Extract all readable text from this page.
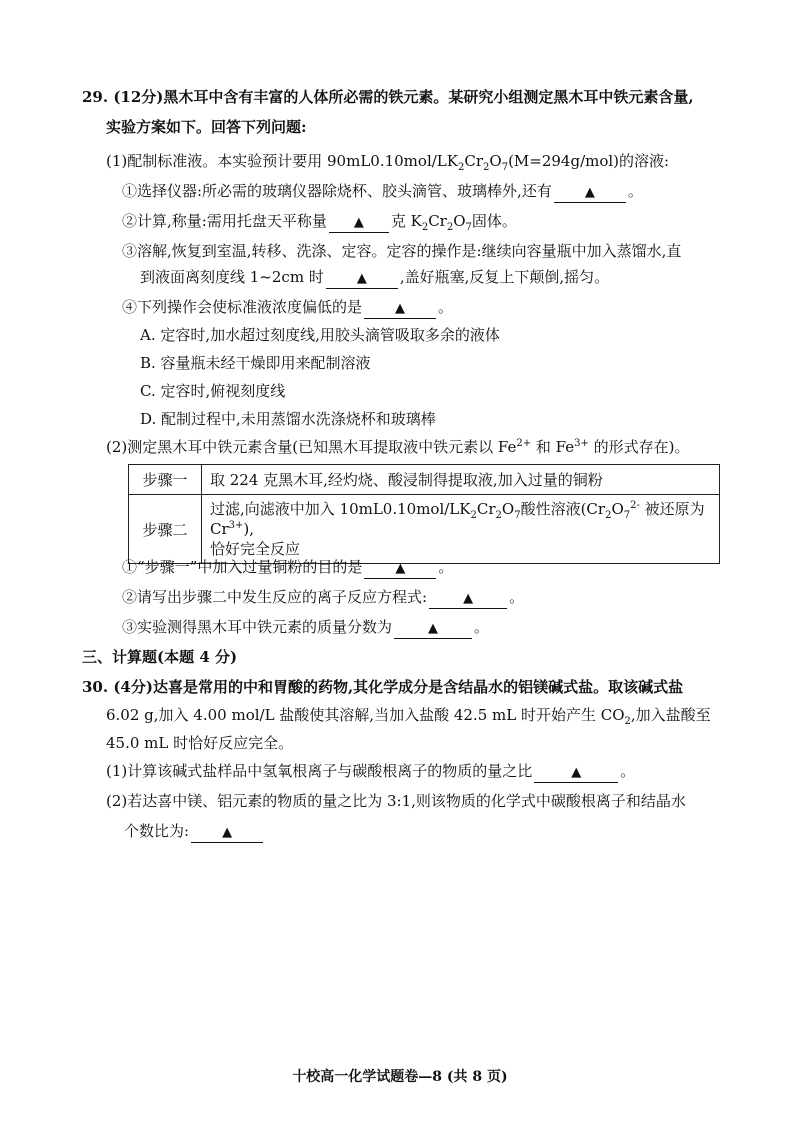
29. (12分)黑木耳中含有丰富的人体所必需的铁元素。某研究小组测定黑木耳中铁元素含量,
实验方案如下。回答下列问题:
(1)配制标准液。本实验预计要用 $90mL0.10mol/LK_2Cr_2O_7(M=294g/mol)$的溶液:
①选择仪器:所必需的玻璃仪器除烧杯、胶头滴管、玻璃棒外,还有	▲ 。
②计算,称量:需用托盘天平称量 ▲ 克 $K_2Cr_2O_7$固体。
③溶解,恢复到室温,转移、洗涤、定容。定容的操作是:继续向容量瓶中加入蒸馏水,直
到液面离刻度线 1~2cm 时	▲ ,盖好瓶塞,反复上下颠倒,摇匀。
④下列操作会使标准液浓度偏低的是	▲ 。
A. 定容时,加水超过刻度线,用胶头滴管吸取多余的液体
B. 容量瓶未经干燥即用来配制溶液
C. 定容时,俯视刻度线
D. 配制过程中,未用蒸馏水洗涤烧杯和玻璃棒
(2)测定黑木耳中铁元素含量(已知黑木耳提取液中铁元素以 $Fe^{2+}$ 和 $Fe^{3+}$ 的形式存在)。
步骤一	取 224 克黑木耳,经灼烧、酸浸制得提取液,加入过量的铜粉
步骤二	过滤,向滤液中加入 $10mL0.10mol/LK_2Cr_2O_7$酸性溶液($Cr_2O_7^{2-}$ 被还原为$Cr^{3+}$),
恰好完全反应
①“步骤一”中加入过量铜粉的目的是	▲ 。
②请写出步骤二中发生反应的离子反应方程式:	▲ 。
③实验测得黑木耳中铁元素的质量分数为	▲ 。
三、计算题(本题 4 分)
30. (4分)达喜是常用的中和胃酸的药物,其化学成分是含结晶水的铝镁碱式盐。取该碱式盐
6.02 g,加入 4.00 mol/L 盐酸使其溶解,当加入盐酸 42.5 mL 时开始产生 $CO_2$,加入盐酸至
45.0 mL 时恰好反应完全。
(1)计算该碱式盐样品中氢氧根离子与碳酸根离子的物质的量之比	▲	。
(2)若达喜中镁、铝元素的物质的量之比为 3:1,则该物质的化学式中碳酸根离子和结晶水
个数比为:	▲
十校高一化学试题卷—8 (共 8 页)
